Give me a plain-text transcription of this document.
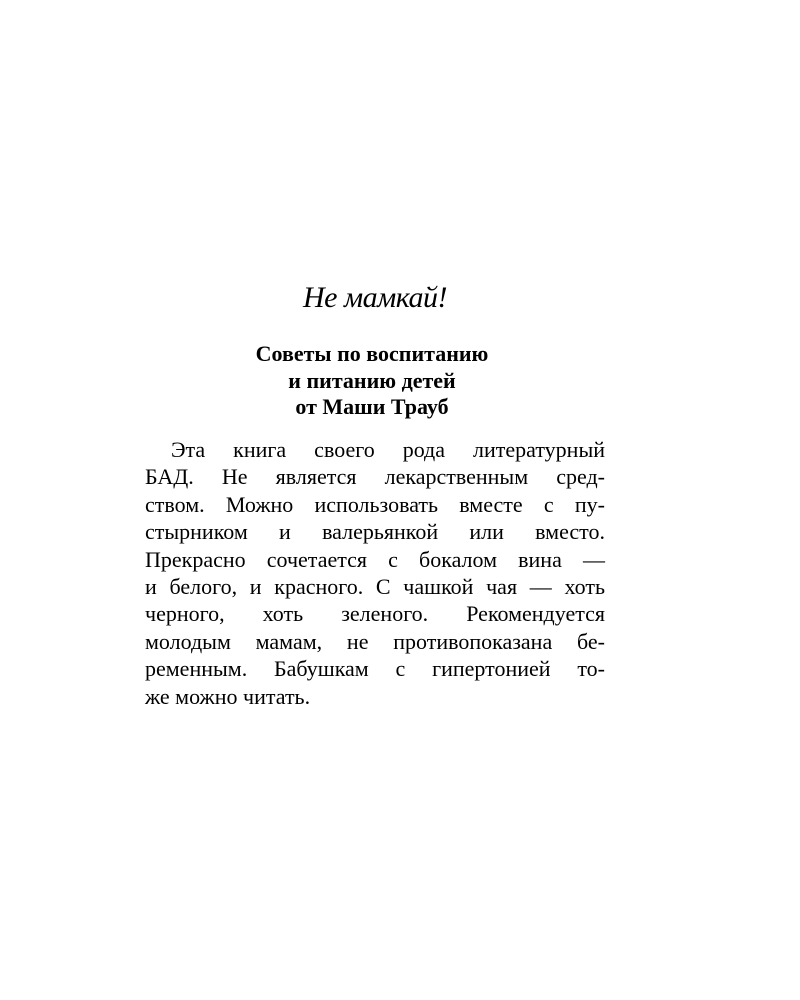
Не мамкай!
Советы по воспитанию
и питанию детей
от Маши Трауб
Эта книга своего рода литературный
БАД. Не является лекарственным сред-
ством. Можно использовать вместе с пу-
стырником и валерьянкой или вместо.
Прекрасно сочетается с бокалом вина —
и белого, и красного. С чашкой чая — хоть
черного, хоть зеленого. Рекомендуется
молодым мамам, не противопоказана бе-
ременным. Бабушкам с гипертонией то-
же можно читать.
